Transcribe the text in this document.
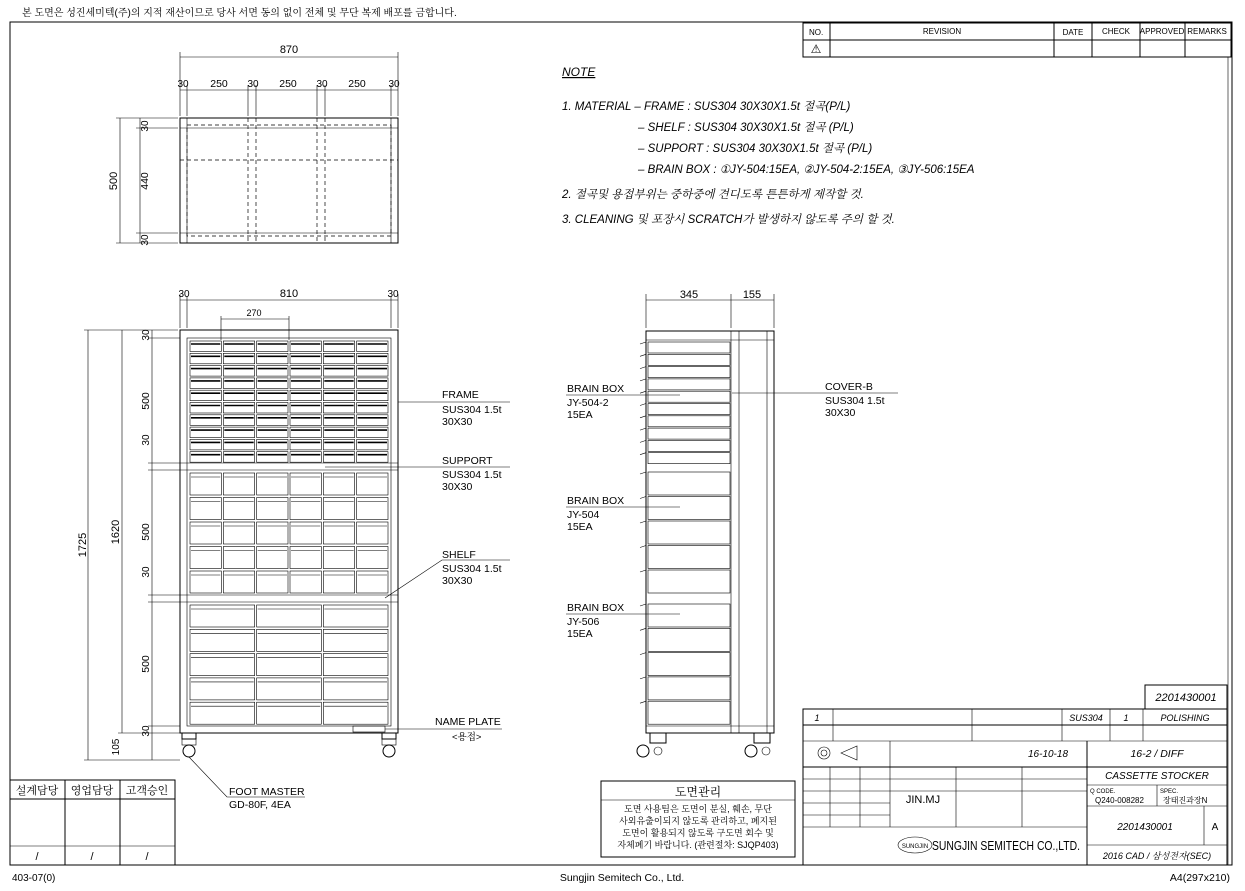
본 도면은 성진세미텍(주)의 지적 재산이므로 당사 서면 동의 없이 전체 및 무단 복제 배포를 금합니다.
NO.	REVISION	DATE CHECK APPROVED REMARKS
⚠
NOTE
1. MATERIAL – FRAME : SUS304 30X30X1.5t 절곡(P/L)
– SHELF : SUS304 30X30X1.5t 절곡 (P/L)
– SUPPORT : SUS304 30X30X1.5t 절곡 (P/L)
– BRAIN BOX : ①JY-504:15EA, ②JY-504-2:15EA, ③JY-506:15EA
2. 절곡및 용접부위는 중하중에 견디도록 튼튼하게 제작할 것.
3. CLEANING 및 포장시 SCRATCH가 발생하지 않도록 주의 할 것.
870
30 250 30 250 30 250 30
500
30
440
30
30	810	30
270
1725
1620
105
30
500
30
500
30
500
30
FRAME
SUS304 1.5t
30X30
SUPPORT
SUS304 1.5t
30X30
SHELF
SUS304 1.5t
30X30
NAME PLATE
<용접>
FOOT MASTER
GD-80F, 4EA
345	155
COVER-B
SUS304 1.5t
30X30
BRAIN BOX
JY-504-2
15EA
BRAIN BOX
JY-504
15EA
BRAIN BOX
JY-506
15EA
설계담당 영업담당 고객승인
/	/	/
도면관리
도면 사용팀은 도면이 분실, 훼손, 무단
사외유출이되지 않도록 관리하고, 폐지된
도면이 활용되지 않도록 구도면 회수 및
자체폐기 바랍니다. (관련절차: SJQP403)
2201430001
1	SUS304 1	POLISHING
16-10-18	16-2 / DIFF
CASSETTE STOCKER
JIN.MJ
Q CODE.
Q240-008282
SPEC.
장태진과장N
2201430001	A
2016 CAD / 삼성전자(SEC)
SUNGJIN SUNGJIN SEMITECH CO.,LTD.
403-07(0)	Sungjin Semitech Co., Ltd.	A4(297x210)
